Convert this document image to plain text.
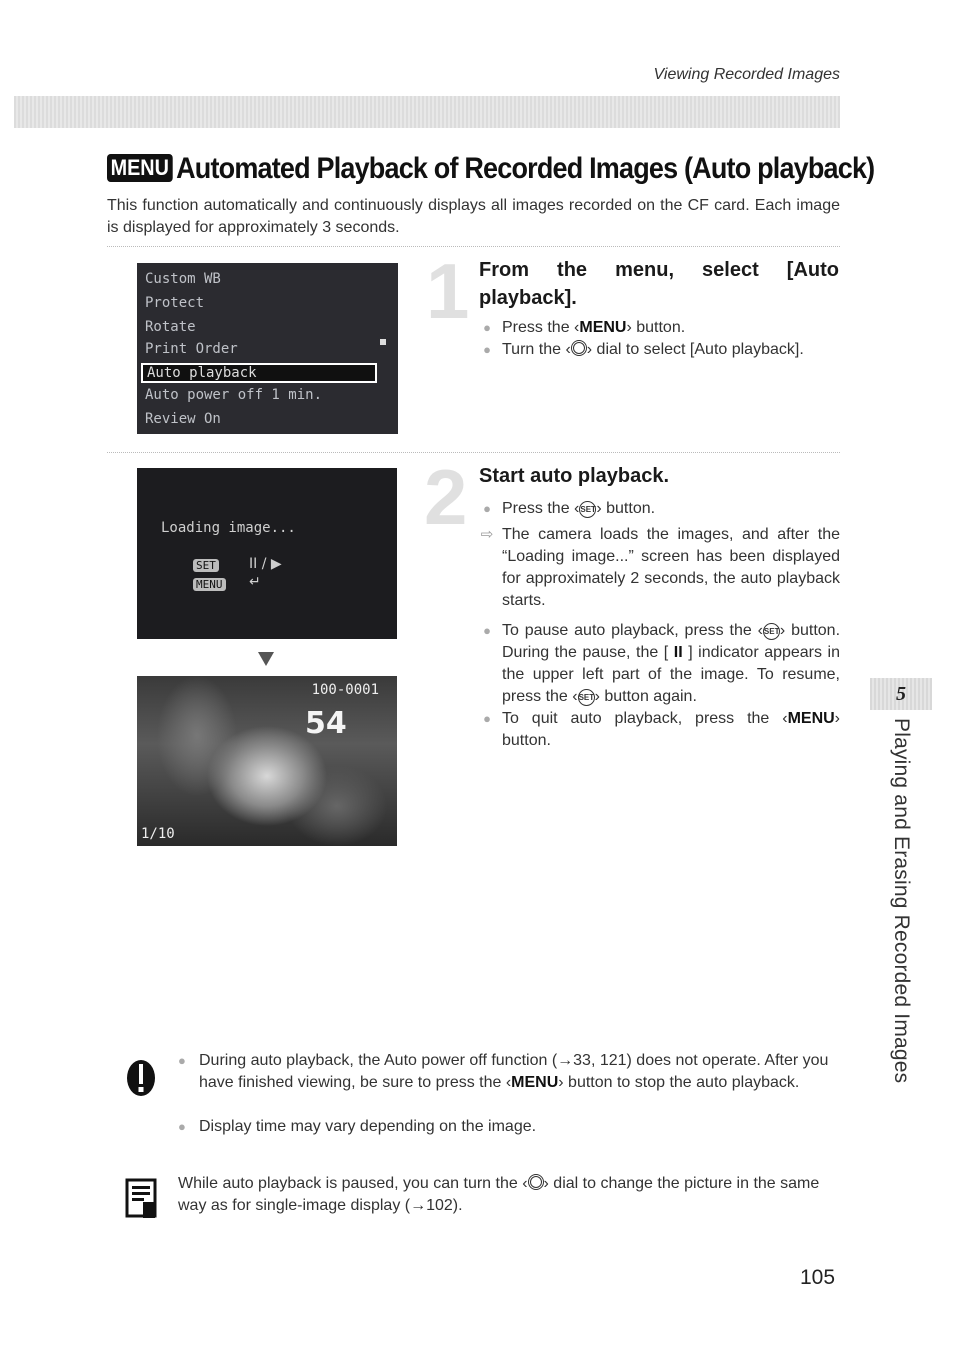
Viewing Recorded Images
MENU Automated Playback of Recorded Images (Auto playback)

This function automatically and continuously displays all images recorded on the CF card. Each image is displayed for approximately 3 seconds.

Custom WB
Protect
Rotate
Print Order
Auto playback
Auto power off 1 min.
Review On
1 From the menu, select [Auto playback].
● Press the ‹MENU› button.
● Turn the ‹ › dial to select [Auto playback].
Loading image...
SET II / ▶
MENU ↵
54
100-0001
1/10
2 Start auto playback.
● Press the ‹SET› button.
⇨ The camera loads the images, and after the “Loading image...” screen has been displayed for approximately 2 seconds, the auto playback starts.
● To pause auto playback, press the ‹SET› button. During the pause, the [ II ] indicator appears in the upper left part of the image. To resume, press the ‹SET› button again.
● To quit auto playback, press the ‹MENU› button.
5
Playing and Erasing Recorded Images
● During auto playback, the Auto power off function (→33, 121) does not operate. After you have finished viewing, be sure to press the ‹MENU› button to stop the auto playback.
● Display time may vary depending on the image.
While auto playback is paused, you can turn the ‹ › dial to change the picture in the same way as for single-image display (→102).
105
